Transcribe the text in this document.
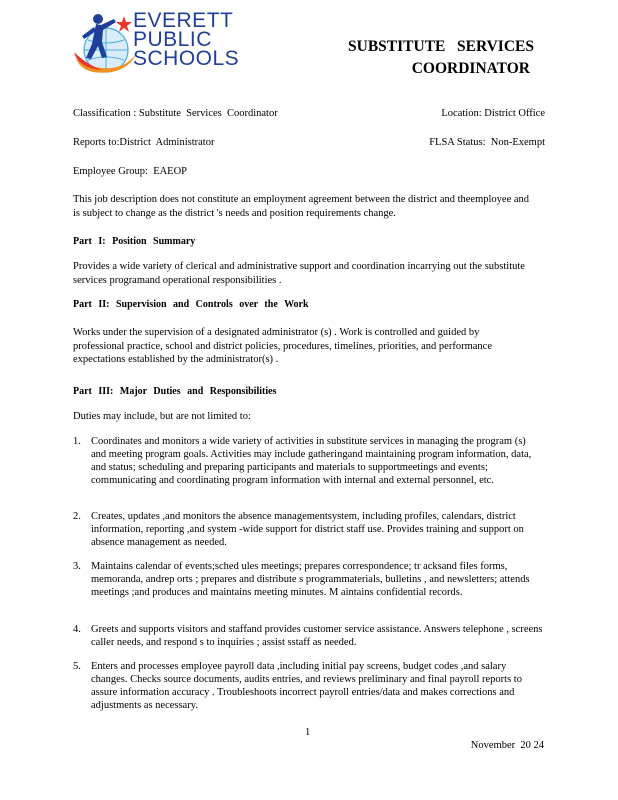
EVERETT
PUBLIC
SCHOOLS
SUBSTITUTE   SERVICES
COORDINATOR
Classification : Substitute  Services  Coordinator	Location: District Office
Reports to:District  Administrator	FLSA Status:  Non-Exempt
Employee Group:  EAEOP
This job description does not constitute an employment agreement between the district and theemployee and is subject to change as the district 's needs and position requirements change.
Part I: Position Summary
Provides a wide variety of clerical and administrative support and coordination incarrying out the substitute services programand operational responsibilities .
Part II: Supervision and Controls over the Work
Works under the supervision of a designated administrator (s) . Work is controlled and guided by professional practice, school and district policies, procedures, timelines, priorities, and performance expectations established by the administrator(s) .
Part III: Major Duties and Responsibilities
Duties may include, but are not limited to:
1. Coordinates and monitors a wide variety of activities in substitute services in managing the program (s) and meeting program goals. Activities may include gatheringand maintaining program information, data, and status; scheduling and preparing participants and materials to supportmeetings and events; communicating and coordinating program information with internal and external personnel, etc.
2. Creates, updates ,and monitors the absence managementsystem, including profiles, calendars, district information, reporting ,and system -wide support for district staff use. Provides training and support on absence management as needed.
3. Maintains calendar of events;sched ules meetings; prepares correspondence; tr acksand files forms, memoranda, andrep orts ; prepares and distribute s programmaterials, bulletins , and newsletters; attends meetings ;and produces and maintains meeting minutes. M aintains confidential records.
4. Greets and supports visitors and staffand provides customer service assistance. Answers telephone , screens caller needs, and respond s to inquiries ; assist sstaff as needed.
5. Enters and processes employee payroll data ,including initial pay screens, budget codes ,and salary changes. Checks source documents, audits entries, and reviews preliminary and final payroll reports to assure information accuracy . Troubleshoots incorrect payroll entries/data and makes corrections and adjustments as necessary.
1
November  20 24
